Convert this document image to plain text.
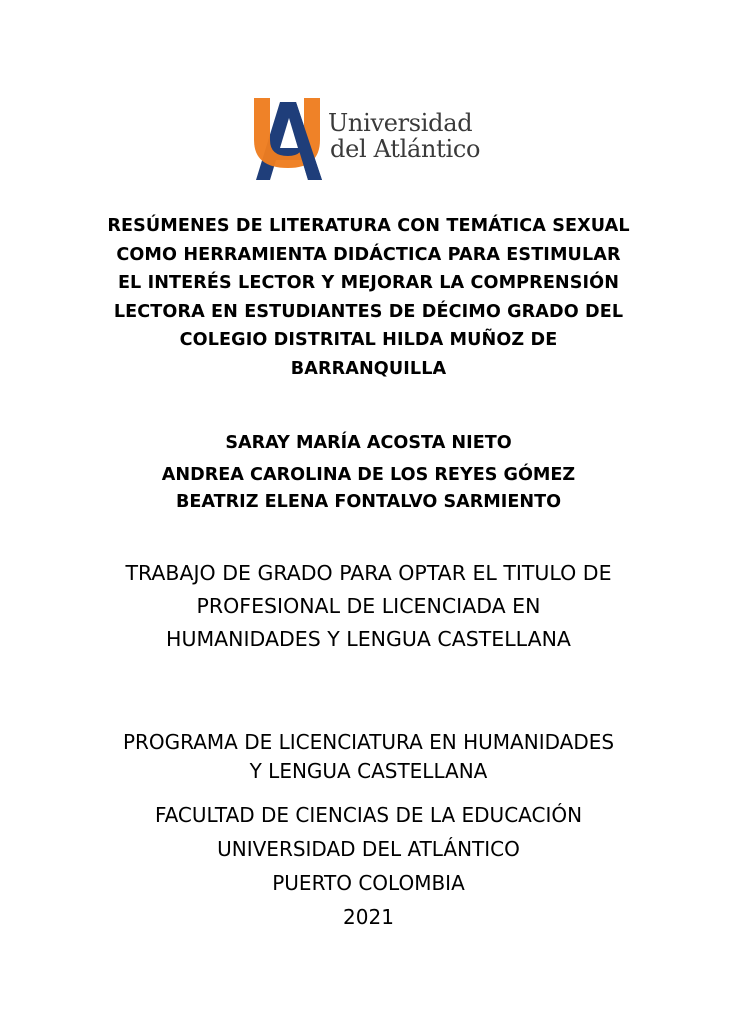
Universidad
del Atlántico
RESÚMENES DE LITERATURA CON TEMÁTICA SEXUAL
COMO HERRAMIENTA DIDÁCTICA PARA ESTIMULAR
EL INTERÉS LECTOR Y MEJORAR LA COMPRENSIÓN
LECTORA EN ESTUDIANTES DE DÉCIMO GRADO DEL
COLEGIO DISTRITAL HILDA MUÑOZ DE
BARRANQUILLA
SARAY MARÍA ACOSTA NIETO
ANDREA CAROLINA DE LOS REYES GÓMEZ
BEATRIZ ELENA FONTALVO SARMIENTO
TRABAJO DE GRADO PARA OPTAR EL TITULO DE
PROFESIONAL DE LICENCIADA EN
HUMANIDADES Y LENGUA CASTELLANA
PROGRAMA DE LICENCIATURA EN HUMANIDADES
Y LENGUA CASTELLANA
FACULTAD DE CIENCIAS DE LA EDUCACIÓN
UNIVERSIDAD DEL ATLÁNTICO
PUERTO COLOMBIA
2021
